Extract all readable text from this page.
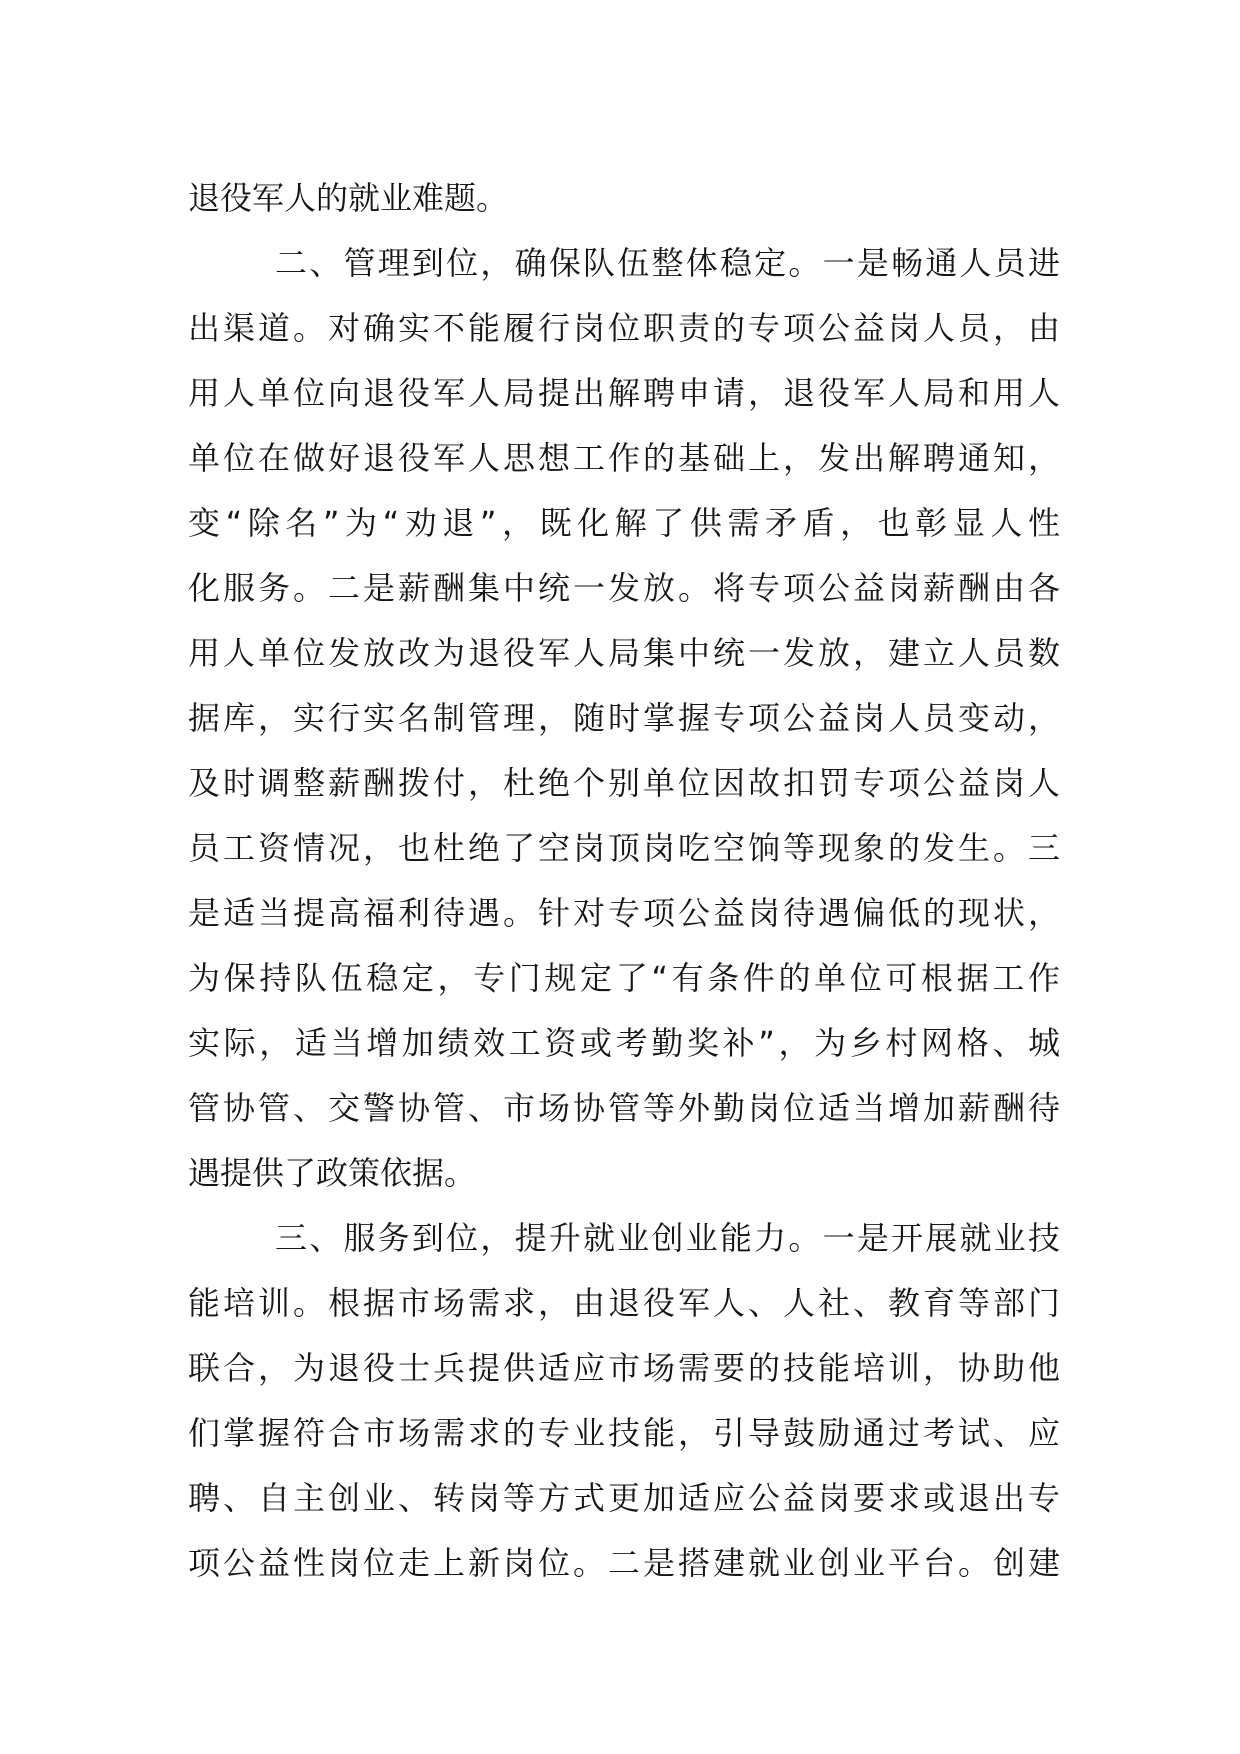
退役军人的就业难题。
二、管理到位，确保队伍整体稳定。一是畅通人员进
出渠道。对确实不能履行岗位职责的专项公益岗人员，由
用人单位向退役军人局提出解聘申请，退役军人局和用人
单位在做好退役军人思想工作的基础上，发出解聘通知，
变“除名”为“劝退”，既化解了供需矛盾，也彰显人性
化服务。二是薪酬集中统一发放。将专项公益岗薪酬由各
用人单位发放改为退役军人局集中统一发放，建立人员数
据库，实行实名制管理，随时掌握专项公益岗人员变动，
及时调整薪酬拨付，杜绝个别单位因故扣罚专项公益岗人
员工资情况，也杜绝了空岗顶岗吃空饷等现象的发生。三
是适当提高福利待遇。针对专项公益岗待遇偏低的现状，
为保持队伍稳定，专门规定了“有条件的单位可根据工作
实际，适当增加绩效工资或考勤奖补”，为乡村网格、城
管协管、交警协管、市场协管等外勤岗位适当增加薪酬待
遇提供了政策依据。
三、服务到位，提升就业创业能力。一是开展就业技
能培训。根据市场需求，由退役军人、人社、教育等部门
联合，为退役士兵提供适应市场需要的技能培训，协助他
们掌握符合市场需求的专业技能，引导鼓励通过考试、应
聘、自主创业、转岗等方式更加适应公益岗要求或退出专
项公益性岗位走上新岗位。二是搭建就业创业平台。创建
